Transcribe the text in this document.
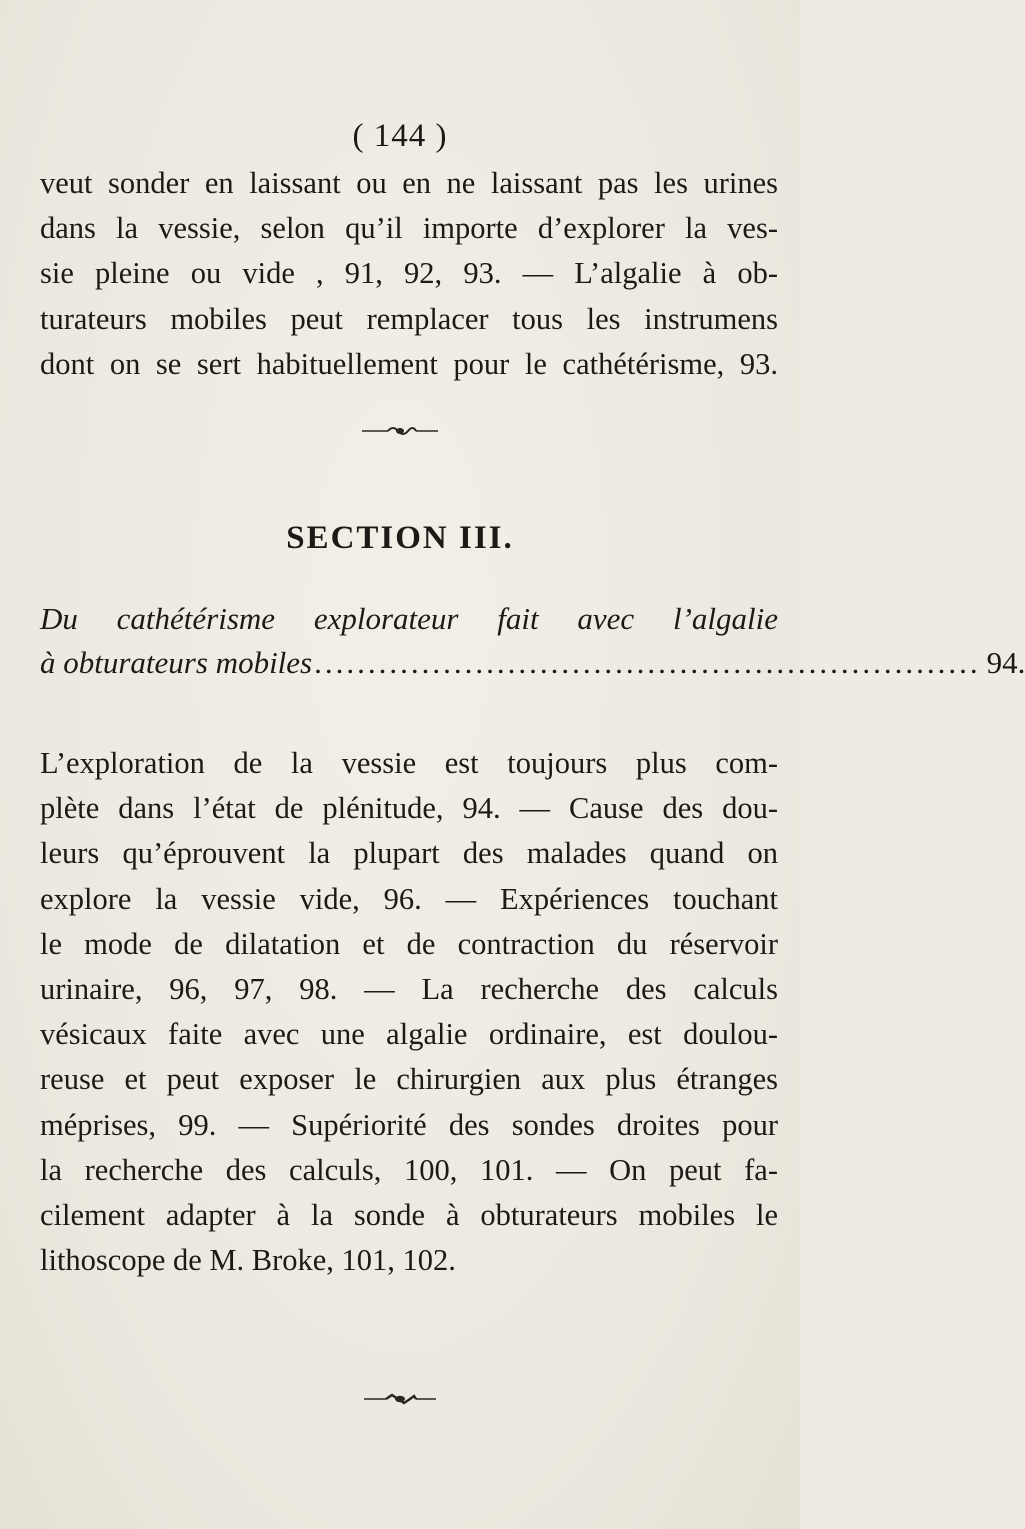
( 144 )

veut sonder en laissant ou en ne laissant pas les urines
dans la vessie, selon qu’il importe d’explorer la ves-
sie pleine ou vide , 91, 92, 93. — L’algalie à ob-
turateurs mobiles peut remplacer tous les instrumens
dont on se sert habituellement pour le cathétérisme, 93.

SECTION III.
Du cathétérisme explorateur fait avec l’algalie
à obturateurs mobiles .............................................................. 94.

L’exploration de la vessie est toujours plus com-
plète dans l’état de plénitude, 94. — Cause des dou-
leurs qu’éprouvent la plupart des malades quand on
explore la vessie vide, 96. — Expériences touchant
le mode de dilatation et de contraction du réservoir
urinaire, 96, 97, 98. — La recherche des calculs
vésicaux faite avec une algalie ordinaire, est doulou-
reuse et peut exposer le chirurgien aux plus étranges
méprises, 99. — Supériorité des sondes droites pour
la recherche des calculs, 100, 101. — On peut fa-
cilement adapter à la sonde à obturateurs mobiles le
lithoscope de M. Broke, 101, 102.
